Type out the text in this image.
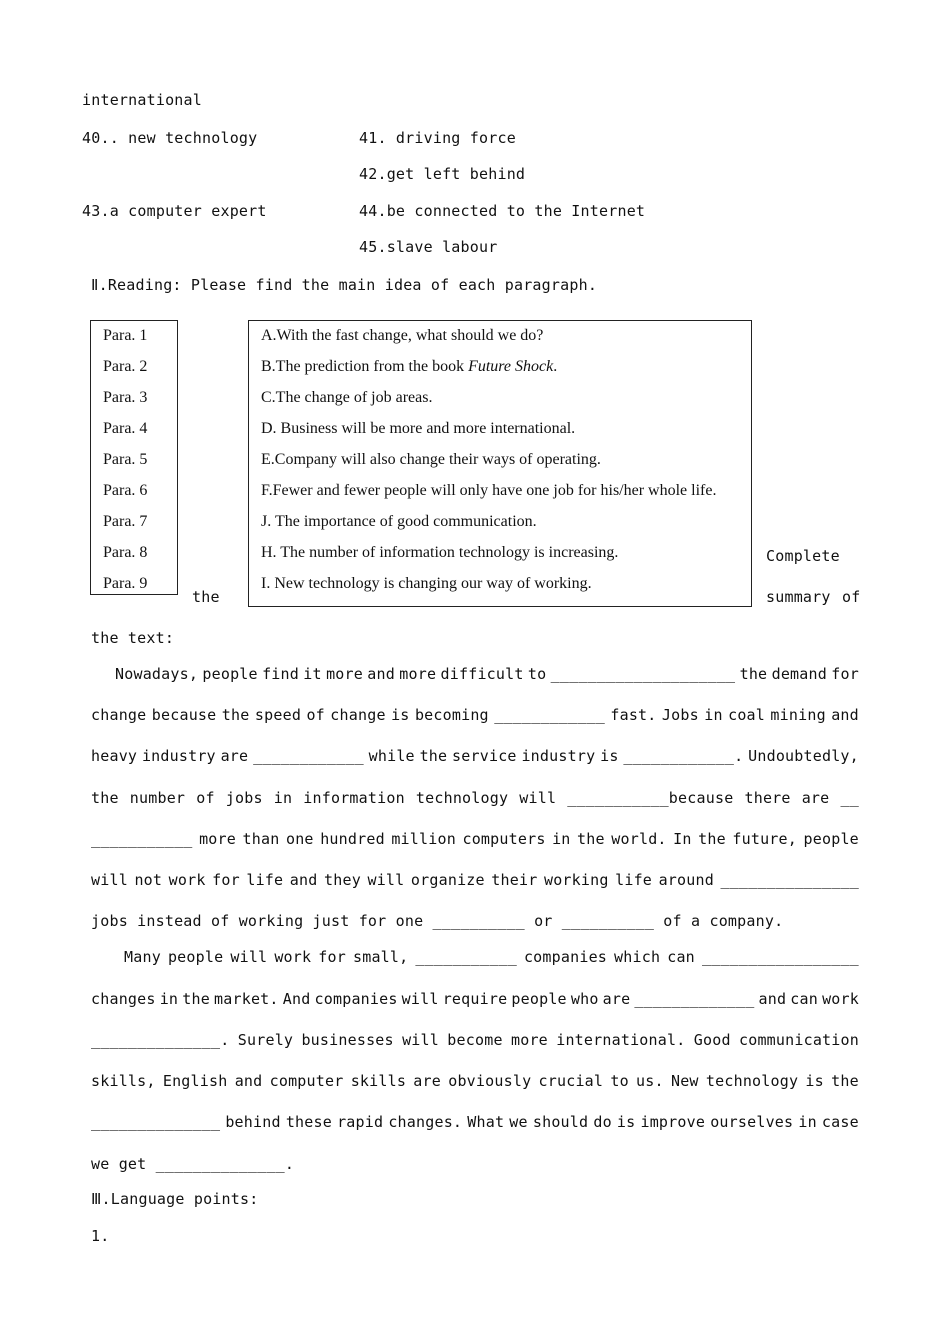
international
40.. new technology	41. driving force
42.get left behind
43.a computer expert	44.be connected to the Internet
45.slave labour
Ⅱ.Reading: Please find the main idea of each paragraph.
Para. 1
Para. 2
Para. 3
Para. 4
Para. 5
Para. 6
Para. 7
Para. 8
Para. 9
A.With the fast change, what should we do?
B.The prediction from the book Future Shock.
C.The change of job areas.
D. Business will be more and more international.
E.Company will also change their ways of operating.
F.Fewer and fewer people will only have one job for his/her whole life.
J. The importance of good communication.
H. The number of information technology is increasing.
I. New technology is changing our way of working.
Complete
the	summary of
the text:
Nowadays, people find it more and more difficult to ____________________ the demand for
change because the speed of change is becoming ____________ fast. Jobs in coal mining and
heavy industry are ____________ while the service industry is ____________. Undoubtedly,
the number of jobs in information technology will ___________because there are __
___________ more than one hundred million computers in the world. In the future, people
will not work for life and they will organize their working life around _______________
jobs instead of working just for one __________ or __________ of a company.
Many people will work for small, ___________ companies which can _________________
changes in the market. And companies will require people who are _____________ and can work
______________. Surely businesses will become more international. Good communication
skills, English and computer skills are obviously crucial to us. New technology is the
______________ behind these rapid changes. What we should do is improve ourselves in case
we get ______________.
Ⅲ.Language points:
1.
